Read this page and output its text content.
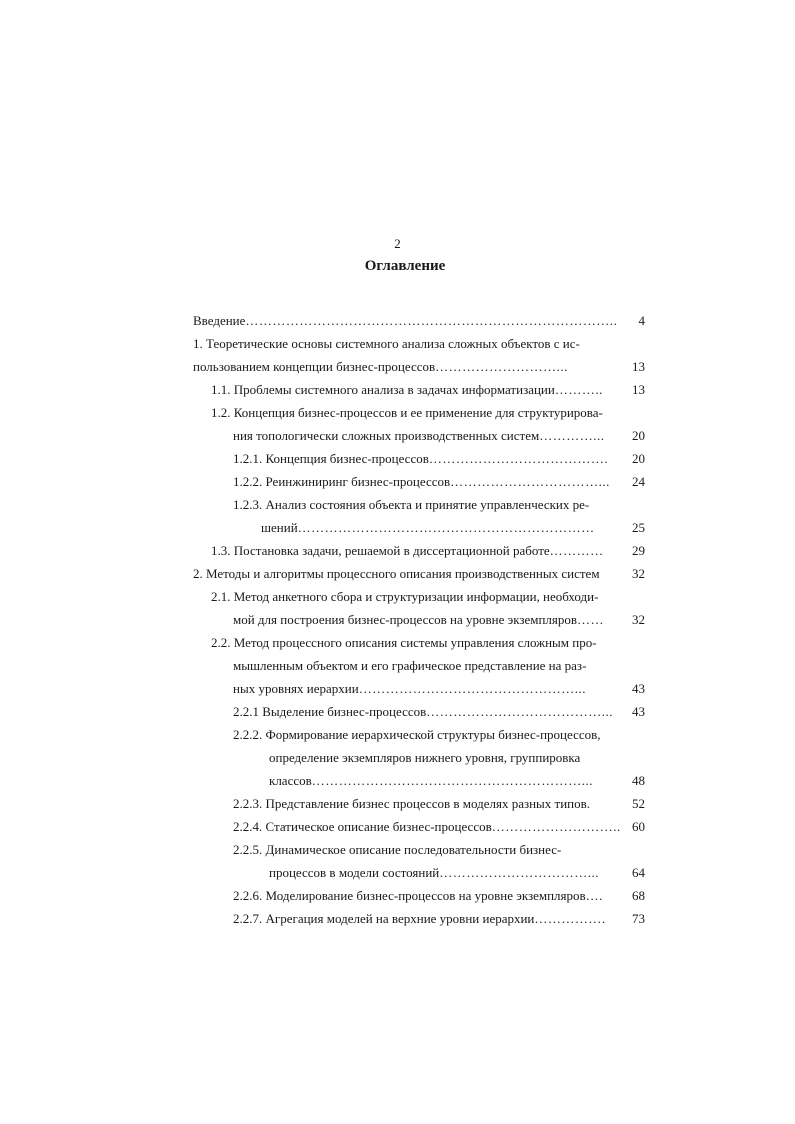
2
Оглавление
Введение………………………………………………………………………..	4
1. Теоретические основы системного анализа сложных объектов с ис-
пользованием концепции бизнес-процессов………………………...	13
1.1. Проблемы системного анализа в задачах информатизации………..	13
1.2. Концепция бизнес-процессов и ее применение для структурирова-
ния топологически сложных производственных систем…………...	20
1.2.1. Концепция бизнес-процессов………………………………….	20
1.2.2. Реинжиниринг бизнес-процессов……………………………...	24
1.2.3. Анализ состояния объекта и принятие управленческих ре-
шений…………………………………………………………	25
1.3. Постановка задачи, решаемой в диссертационной работе…………	29
2. Методы и алгоритмы процессного описания производственных систем	32
2.1. Метод анкетного сбора и структуризации информации, необходи-
мой для построения бизнес-процессов на уровне экземпляров……	32
2.2. Метод процессного описания системы управления сложным про-
мышленным объектом и его графическое представление на раз-
ных уровнях иерархии…………………………………………...	43
2.2.1 Выделение бизнес-процессов…………………………………...	43
2.2.2. Формирование иерархической структуры бизнес-процессов,
определение экземпляров нижнего уровня, группировка
классов……………………………………………………...	48
2.2.3. Представление бизнес процессов в моделях разных типов.	52
2.2.4. Статическое описание бизнес-процессов……………………….. 60
2.2.5. Динамическое описание последовательности бизнес-
процессов в модели состояний……………………………...	64
2.2.6. Моделирование бизнес-процессов на уровне экземпляров….	68
2.2.7. Агрегация моделей на верхние уровни иерархии…………….	73
